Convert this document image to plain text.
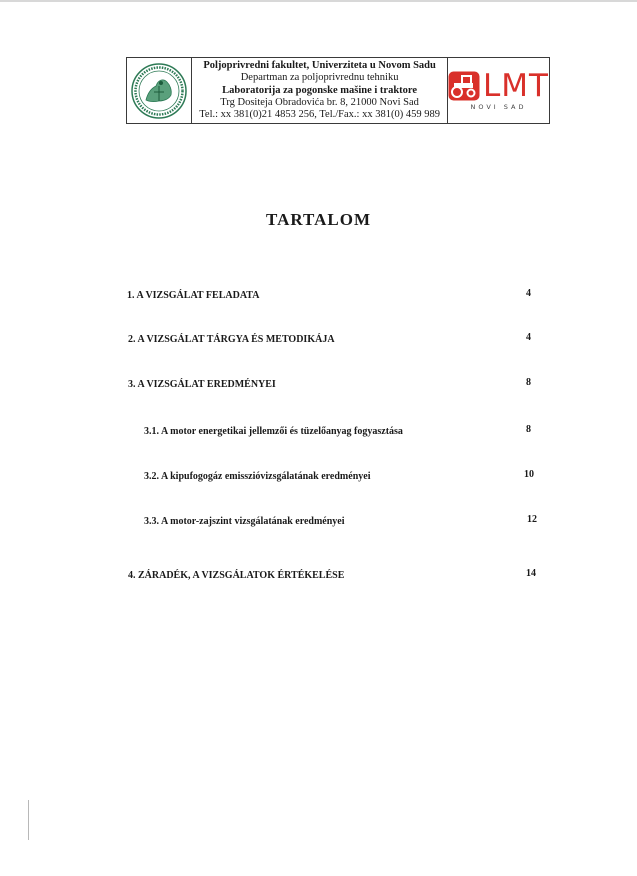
Poljoprivredni fakultet, Univerziteta u Novom Sadu
Departman za poljoprivrednu tehniku
Laboratorija za pogonske mašine i traktore
Trg Dositeja Obradovića br. 8, 21000 Novi Sad
Tel.: xx 381(0)21 4853 256, Tel./Fax.: xx 381(0) 459 989
LMT
NOVI SAD
TARTALOM
1. A VIZSGÁLAT FELADATA	4
2. A VIZSGÁLAT TÁRGYA ÉS METODIKÁJA	4
3. A VIZSGÁLAT EREDMÉNYEI	8
3.1. A motor energetikai jellemzői és tüzelőanyag fogyasztása	8
3.2. A kipufogogáz emisszióvizsgálatának eredményei	10
3.3. A motor-zajszint vizsgálatának eredményei	12
4. ZÁRADÉK, A VIZSGÁLATOK ÉRTÉKELÉSE	14
